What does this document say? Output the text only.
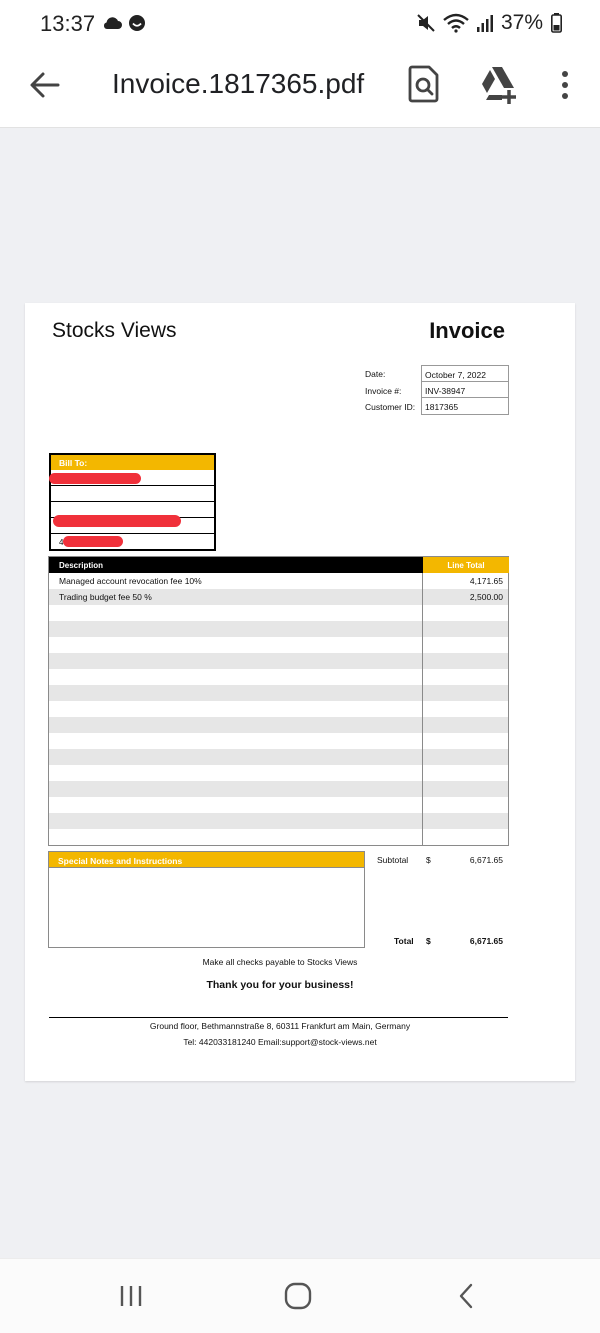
13:37	37%
Invoice.1817365.pdf
Stocks Views	Invoice
Date:	October 7, 2022
Invoice #:	INV-38947
Customer ID:	1817365
Bill To:
4
Description	Line Total
Managed account revocation fee 10%	4,171.65
Trading budget fee 50 %	2,500.00
Special Notes and Instructions	Subtotal $	6,671.65
Total $	6,671.65
Make all checks payable to Stocks Views
Thank you for your business!
Ground floor, Bethmannstraße 8, 60311 Frankfurt am Main, Germany
Tel: 442033181240 Email:support@stock-views.net
